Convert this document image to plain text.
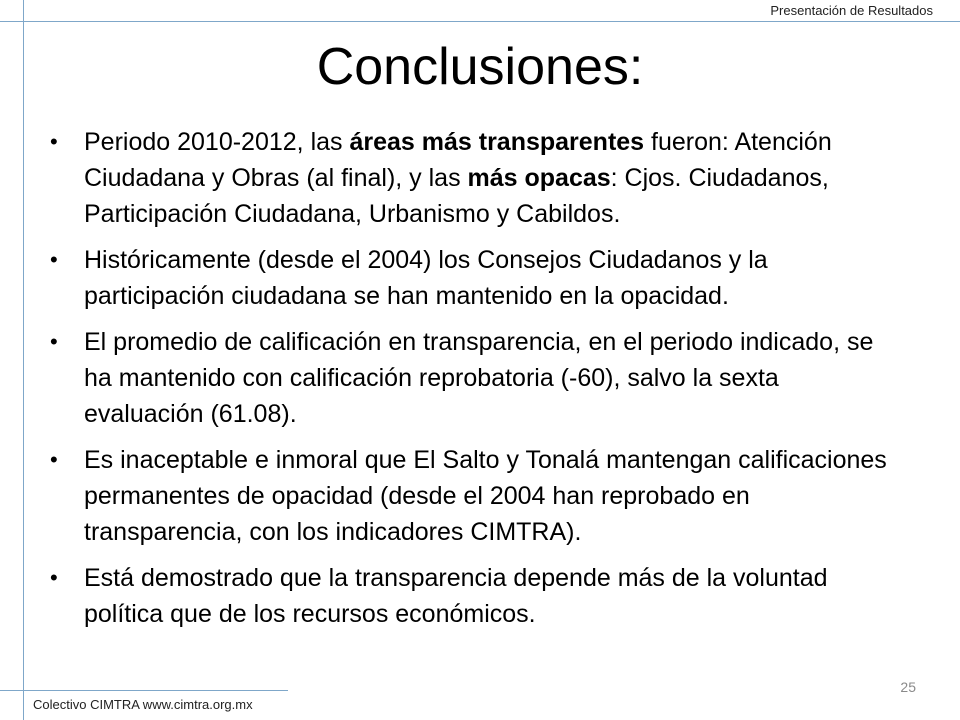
Presentación de Resultados
Conclusiones:
• Periodo 2010-2012, las áreas más transparentes fueron: Atención Ciudadana y Obras (al final), y las más opacas: Cjos. Ciudadanos, Participación Ciudadana, Urbanismo y Cabildos.
• Históricamente (desde el 2004) los Consejos Ciudadanos y la participación ciudadana se han mantenido en la opacidad.
• El promedio de calificación en transparencia, en el periodo indicado, se ha mantenido con calificación reprobatoria (-60), salvo la sexta evaluación (61.08).
• Es inaceptable e inmoral que El Salto y Tonalá mantengan calificaciones permanentes de opacidad (desde el 2004 han reprobado en transparencia, con los indicadores CIMTRA).
• Está demostrado que la transparencia depende más de la voluntad política que de los recursos económicos.
25
Colectivo CIMTRA www.cimtra.org.mx
